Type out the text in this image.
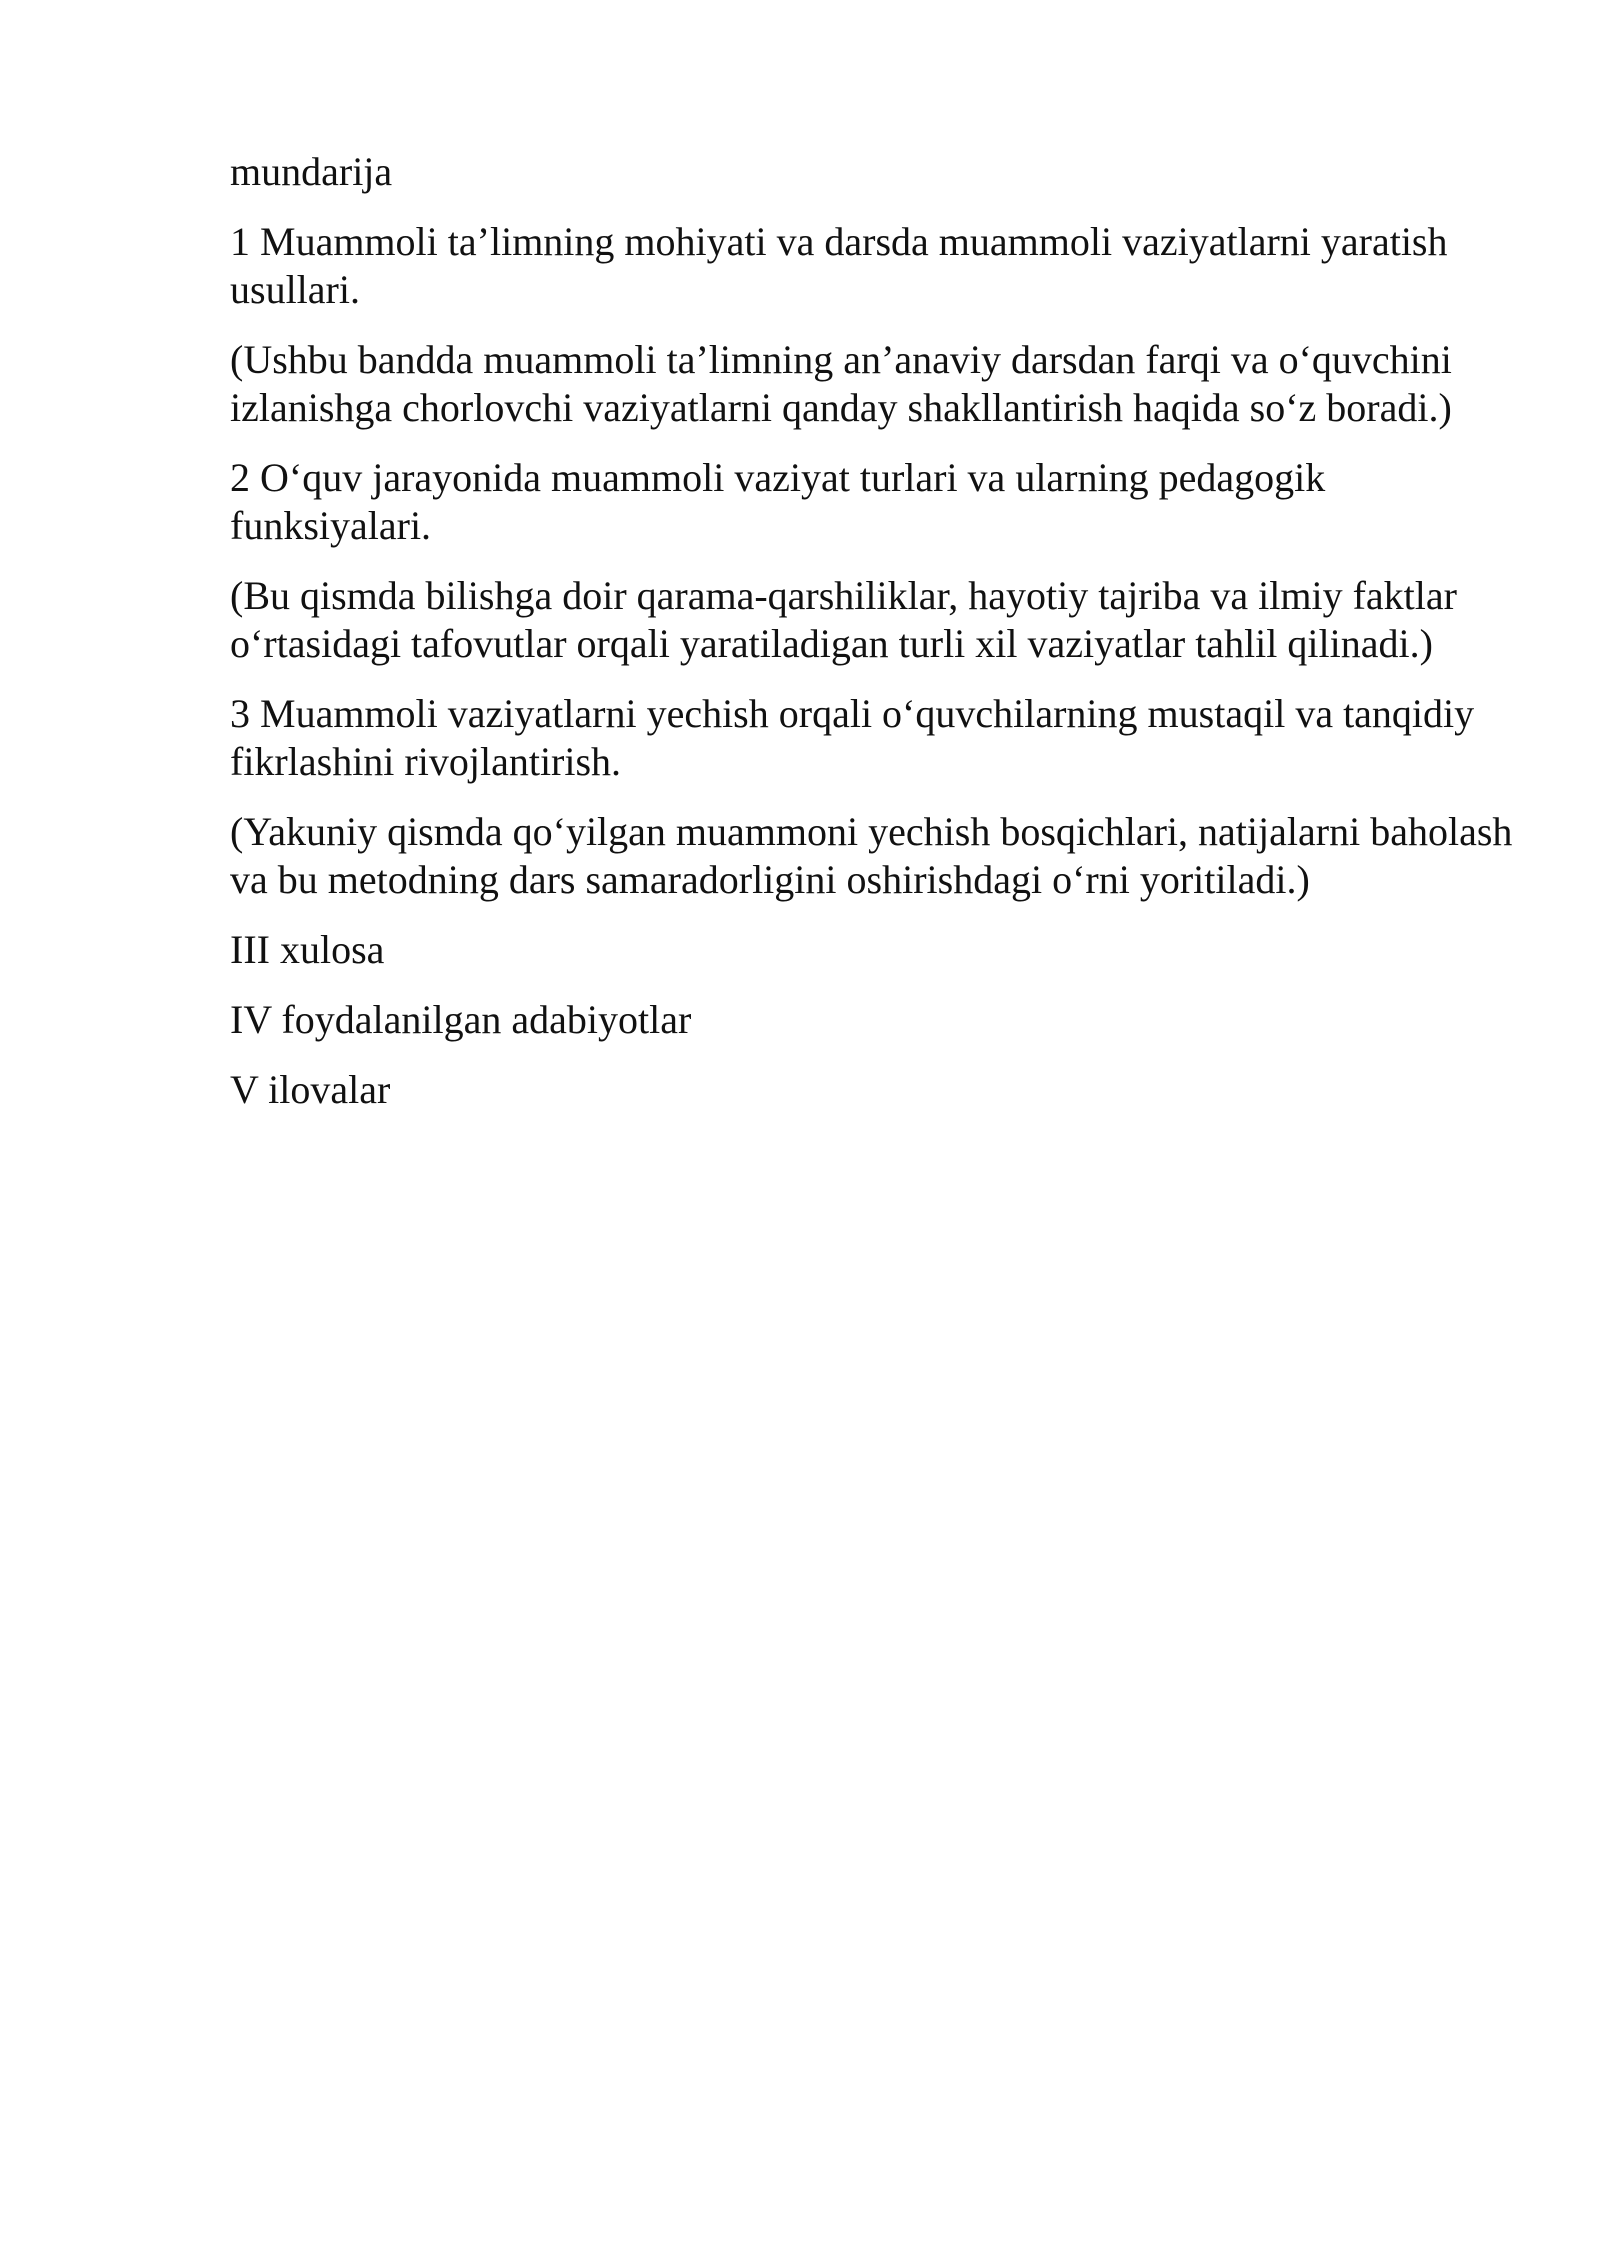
mundarija

1 Muammoli ta’limning mohiyati va darsda muammoli vaziyatlarni yaratish usullari.

(Ushbu bandda muammoli ta’limning an’anaviy darsdan farqi va o‘quvchini izlanishga chorlovchi vaziyatlarni qanday shakllantirish haqida so‘z boradi.)

2 O‘quv jarayonida muammoli vaziyat turlari va ularning pedagogik funksiyalari.

(Bu qismda bilishga doir qarama-qarshiliklar, hayotiy tajriba va ilmiy faktlar o‘rtasidagi tafovutlar orqali yaratiladigan turli xil vaziyatlar tahlil qilinadi.)

3 Muammoli vaziyatlarni yechish orqali o‘quvchilarning mustaqil va tanqidiy fikrlashini rivojlantirish.

(Yakuniy qismda qo‘yilgan muammoni yechish bosqichlari, natijalarni baholash va bu metodning dars samaradorligini oshirishdagi o‘rni yoritiladi.)

III xulosa

IV foydalanilgan adabiyotlar

V ilovalar
